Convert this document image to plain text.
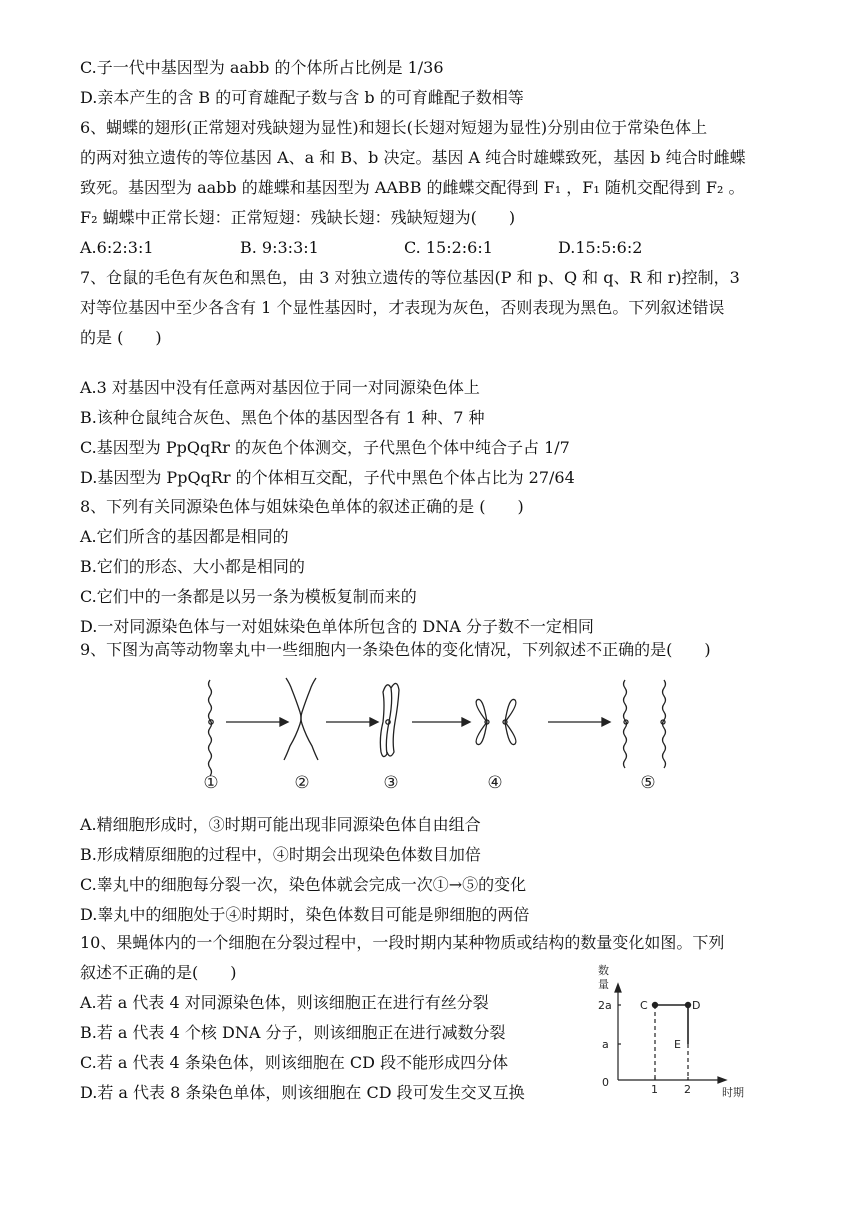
C.子一代中基因型为 aabb 的个体所占比例是 1/36
D.亲本产生的含 B 的可育雄配子数与含 b 的可育雌配子数相等
6、蝴蝶的翅形(正常翅对残缺翅为显性)和翅长(长翅对短翅为显性)分别由位于常染色体上
的两对独立遗传的等位基因 A、a 和 B、b 决定。基因 A 纯合时雄蝶致死，基因 b 纯合时雌蝶
致死。基因型为 aabb 的雄蝶和基因型为 AABB 的雌蝶交配得到 F₁ ，F₁ 随机交配得到 F₂ 。
F₂ 蝴蝶中正常长翅：正常短翅：残缺长翅：残缺短翅为(　　)
A.6:2:3:1	B. 9:3:3:1	C. 15:2:6:1	D.15:5:6:2
7、仓鼠的毛色有灰色和黑色，由 3 对独立遗传的等位基因(P 和 p、Q 和 q、R 和 r)控制，3
对等位基因中至少各含有 1 个显性基因时，才表现为灰色，否则表现为黑色。下列叙述错误
的是 (　　)
A.3 对基因中没有任意两对基因位于同一对同源染色体上
B.该种仓鼠纯合灰色、黑色个体的基因型各有 1 种、7 种
C.基因型为 PpQqRr 的灰色个体测交，子代黑色个体中纯合子占 1/7
D.基因型为 PpQqRr 的个体相互交配，子代中黑色个体占比为 27/64
8、下列有关同源染色体与姐妹染色单体的叙述正确的是 (　　)
A.它们所含的基因都是相同的
B.它们的形态、大小都是相同的
C.它们中的一条都是以另一条为模板复制而来的
D.一对同源染色体与一对姐妹染色单体所包含的 DNA 分子数不一定相同
9、下图为高等动物睾丸中一些细胞内一条染色体的变化情况，下列叙述不正确的是(　　)
①	②	③	④	⑤
A.精细胞形成时，③时期可能出现非同源染色体自由组合
B.形成精原细胞的过程中，④时期会出现染色体数目加倍
C.睾丸中的细胞每分裂一次，染色体就会完成一次①→⑤的变化
D.睾丸中的细胞处于④时期时，染色体数目可能是卵细胞的两倍
10、果蝇体内的一个细胞在分裂过程中，一段时期内某种物质或结构的数量变化如图。下列
叙述不正确的是(　　)
A.若 a 代表 4 对同源染色体，则该细胞正在进行有丝分裂
B.若 a 代表 4 个核 DNA 分子，则该细胞正在进行减数分裂
C.若 a 代表 4 条染色体，则该细胞在 CD 段不能形成四分体
D.若 a 代表 8 条染色单体，则该细胞在 CD 段可发生交叉互换
数
量
2a
a
0
1 2	时期
C	D
E
